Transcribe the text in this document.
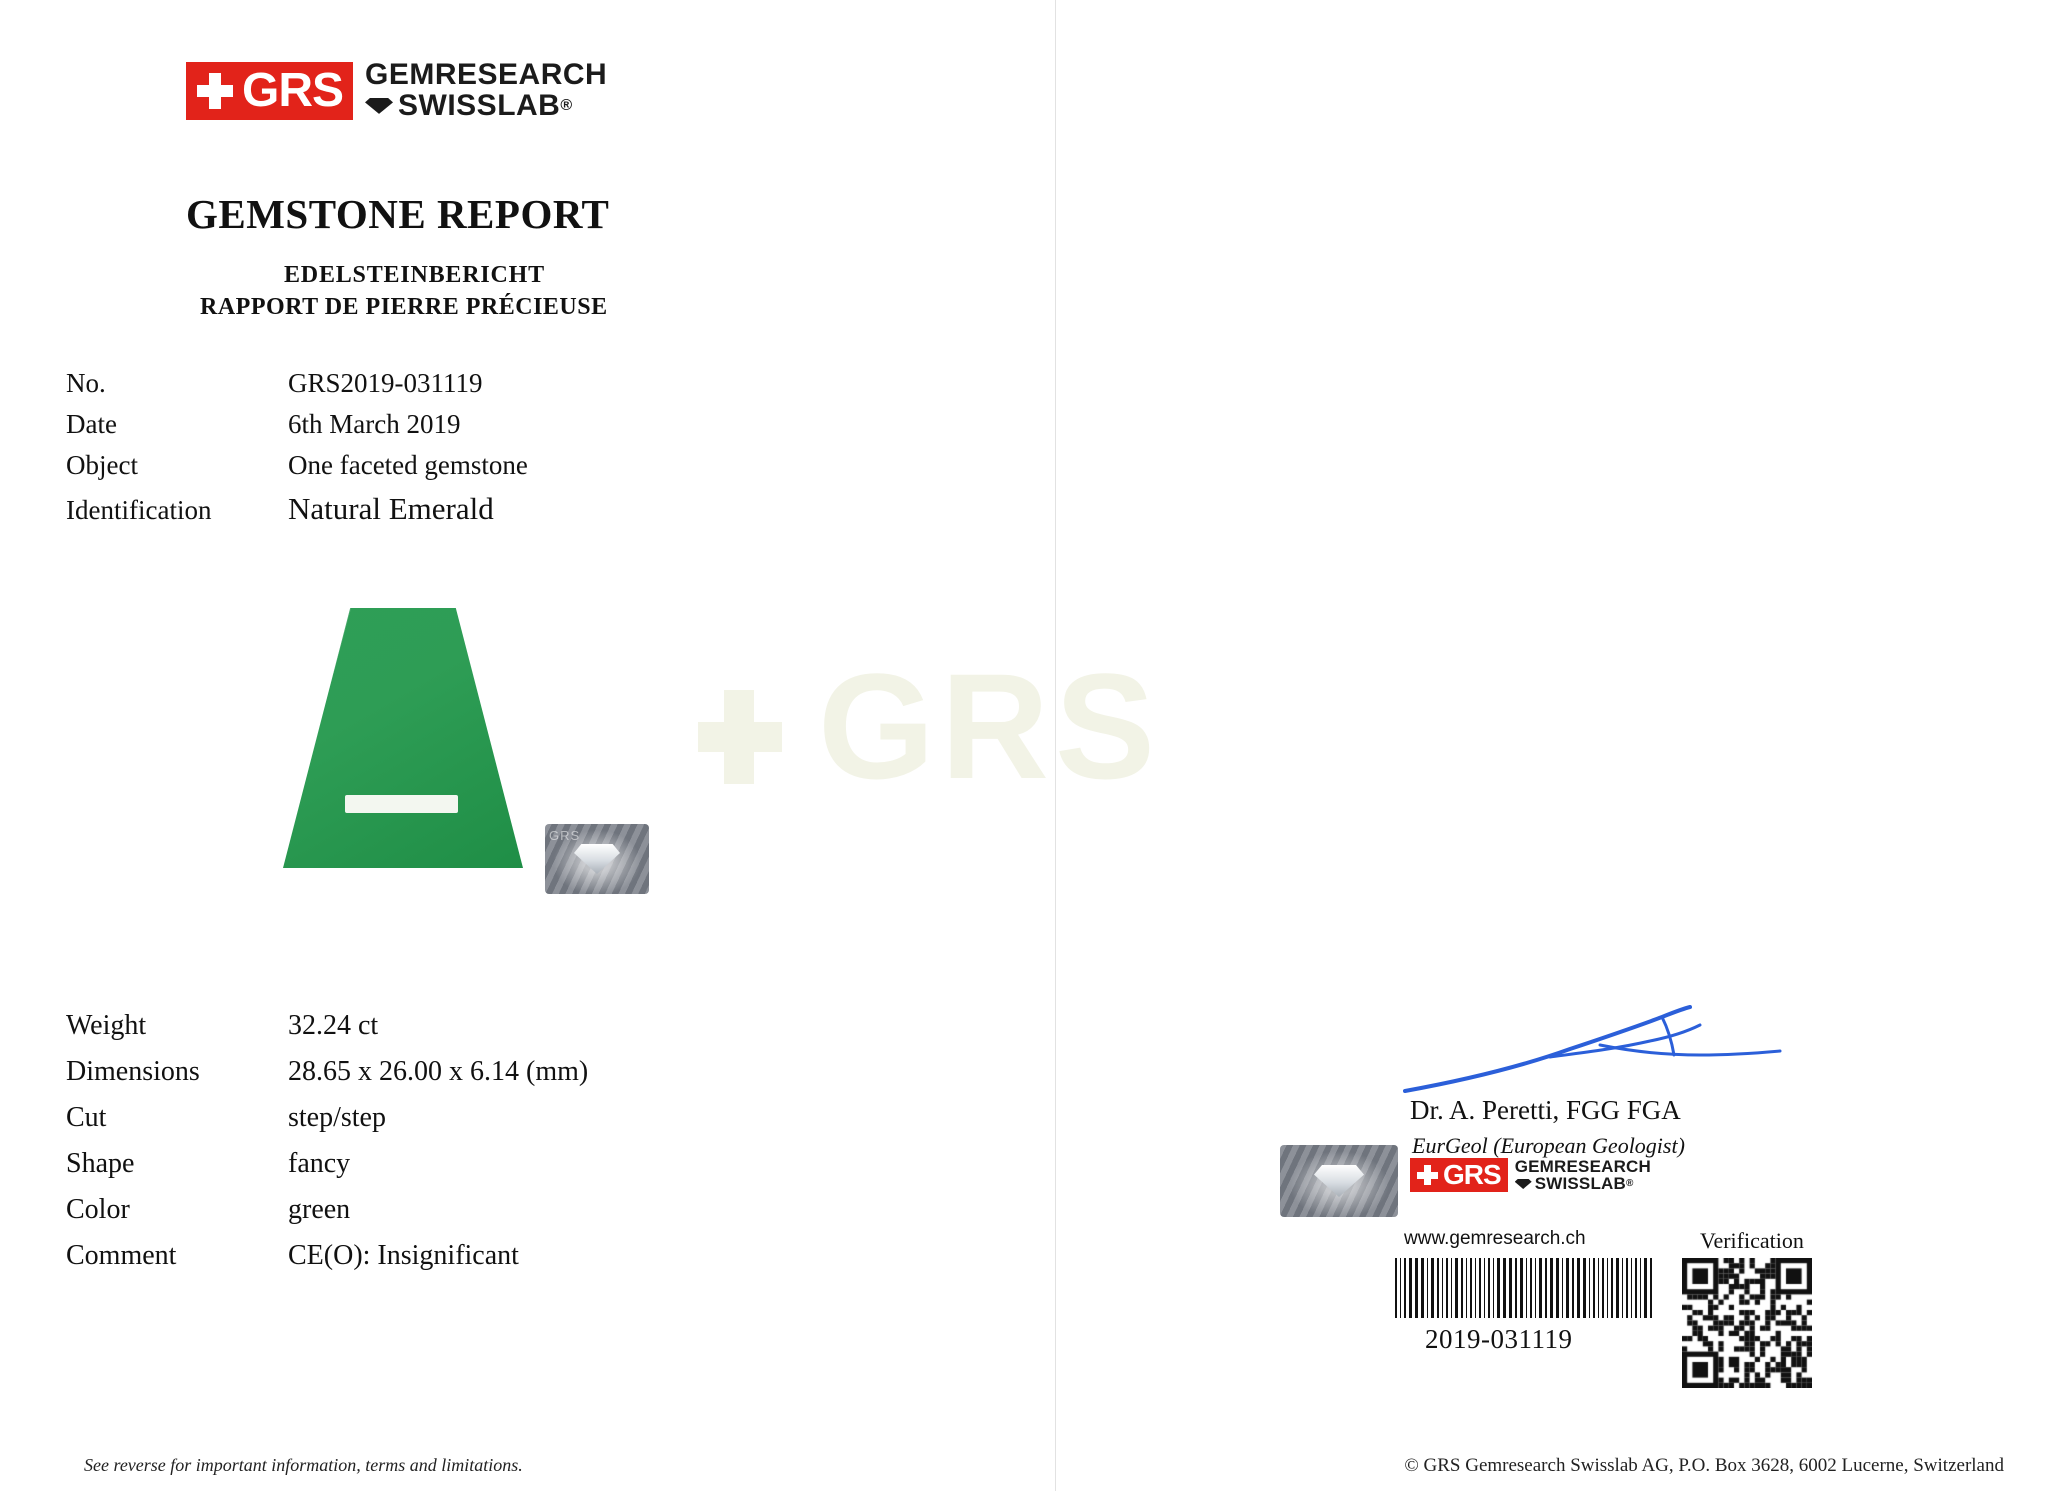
GRS
GRS GEMRESEARCH
SWISSLAB ®
GEMSTONE REPORT
EDELSTEINBERICHT
RAPPORT DE PIERRE PRÉCIEUSE
No.	GRS2019-031119
Date	6th March 2019
Object	One faceted gemstone
Identification	Natural Emerald
GRS
Weight	32.24 ct
Dimensions	28.65 x 26.00 x 6.14 (mm)
Cut	step/step
Shape	fancy
Color	green
Comment	CE(O): Insignificant
Dr. A. Peretti, FGG FGA
EurGeol (European Geologist)
GRS GEMRESEARCH
SWISSLAB ®
www.gemresearch.ch	Verification
2019-031119
See reverse for important information, terms and limitations.	© GRS Gemresearch Swisslab AG, P.O. Box 3628, 6002 Lucerne, Switzerland
